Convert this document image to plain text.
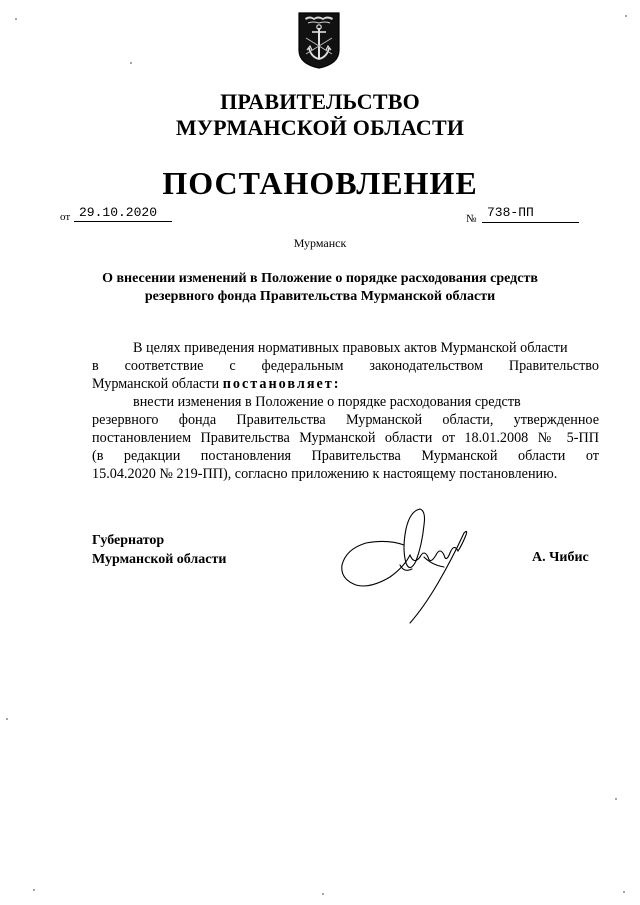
ПРАВИТЕЛЬСТВО
МУРМАНСКОЙ ОБЛАСТИ
ПОСТАНОВЛЕНИЕ
от 29.10.2020	№ 738-ПП
Мурманск
О внесении изменений в Положение о порядке расходования средств
резервного фонда Правительства Мурманской области
В целях приведения нормативных правовых актов Мурманской области
в соответствие с федеральным законодательством Правительство
Мурманской области постановляет:
внести изменения в Положение о порядке расходования средств
резервного фонда Правительства Мурманской области, утвержденное
постановлением Правительства Мурманской области от 18.01.2008 № 5-ПП
(в редакции постановления Правительства Мурманской области от
15.04.2020 № 219-ПП), согласно приложению к настоящему постановлению.
Губернатор
Мурманской области	А. Чибис
